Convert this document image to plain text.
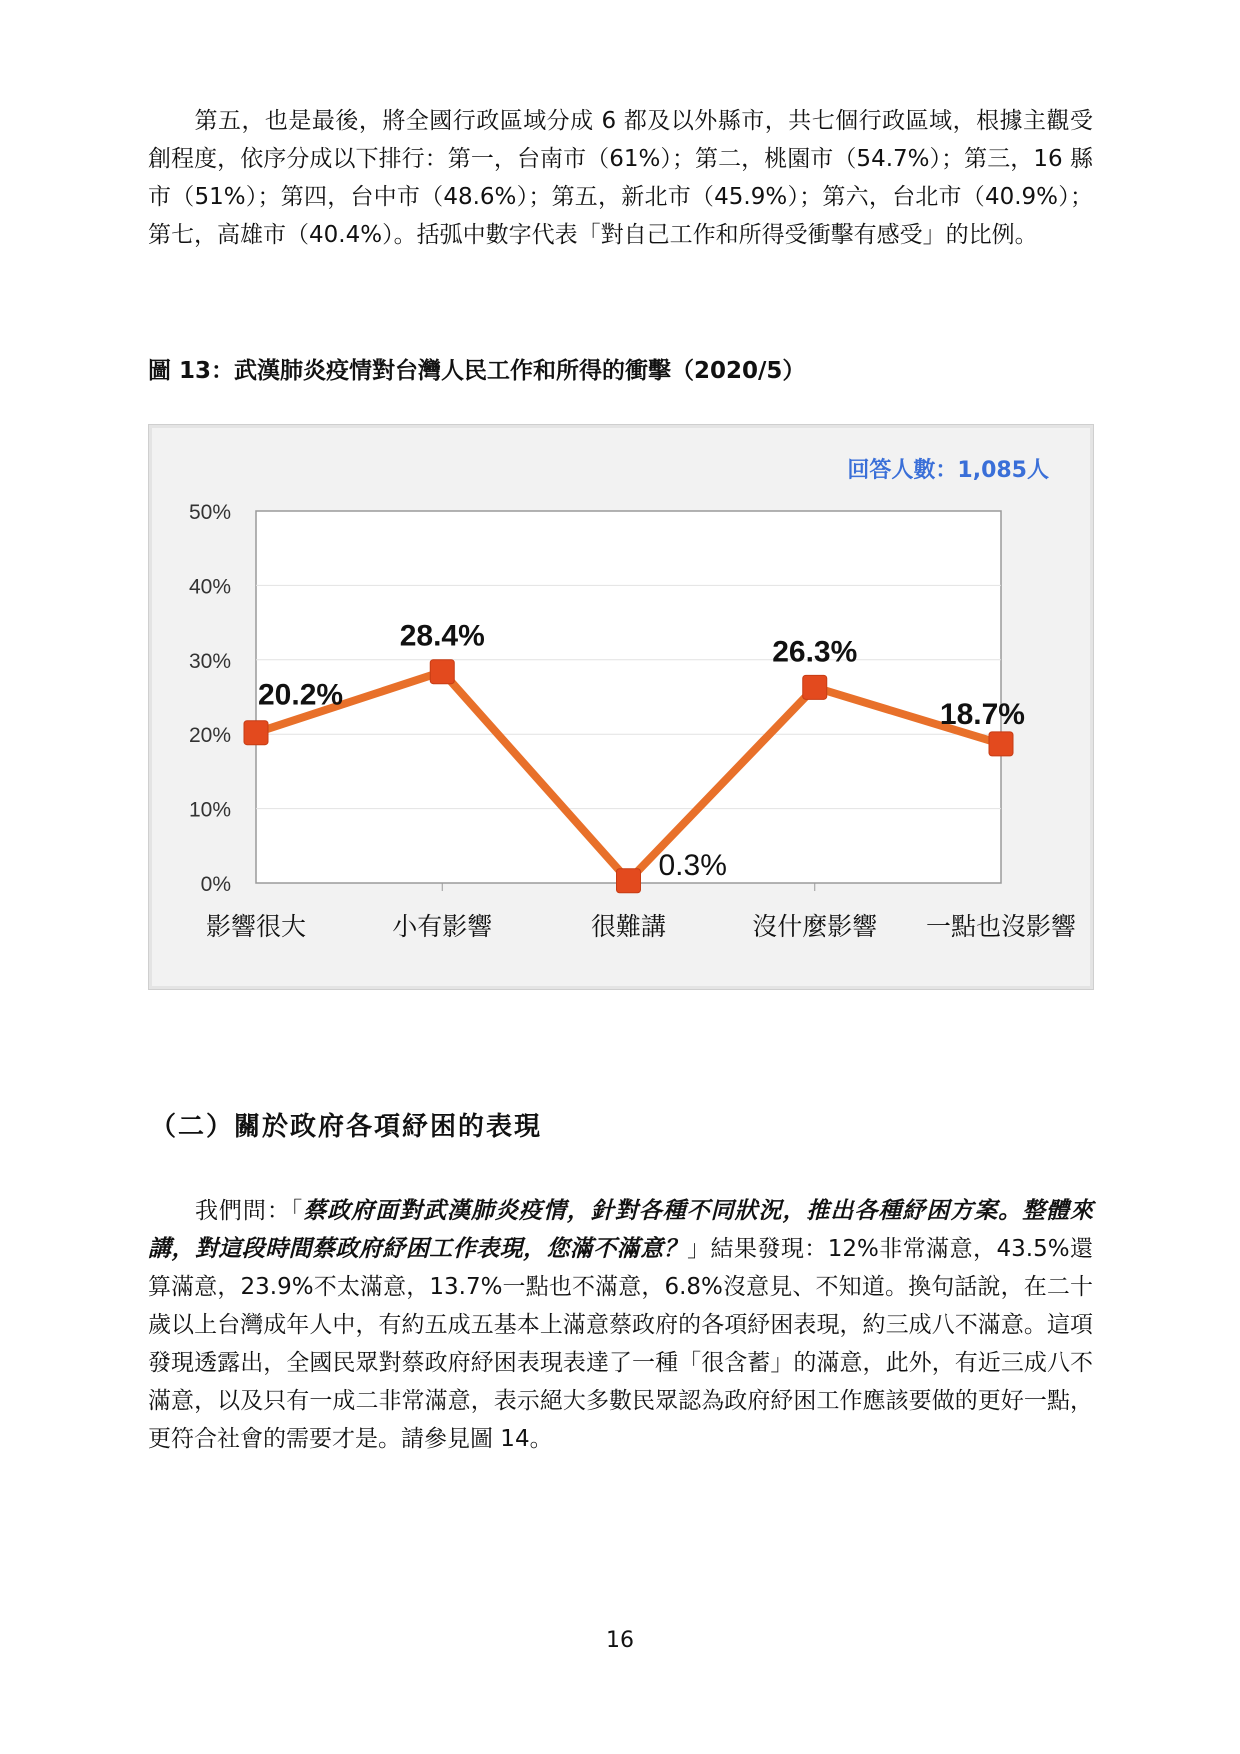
第五，也是最後，將全國行政區域分成 6 都及以外縣市，共七個行政區域，根據主觀受創程度，依序分成以下排行：第一，台南市（61%）；第二，桃園市（54.7%）；第三，16 縣市（51%）；第四，台中市（48.6%）；第五，新北市（45.9%）；第六，台北市（40.9%）；第七，高雄市（40.4%）。括弧中數字代表「對自己工作和所得受衝擊有感受」的比例。

圖 13：武漢肺炎疫情對台灣人民工作和所得的衝擊（2020/5）

0%
10%
20%
30%
40%
50%
影響很大	小有影響	很難講	沒什麼影響 一點也沒影響
20.2%
28.4%
0.3%
26.3%
18.7%
回答人數：1,085人

（二）關於政府各項紓困的表現

我們問：「蔡政府面對武漢肺炎疫情，針對各種不同狀況，推出各種紓困方案。整體來講，對這段時間蔡政府紓困工作表現，您滿不滿意？」結果發現：12%非常滿意，43.5%還算滿意，23.9%不太滿意，13.7%一點也不滿意，6.8%沒意見、不知道。換句話說，在二十歲以上台灣成年人中，有約五成五基本上滿意蔡政府的各項紓困表現，約三成八不滿意。這項發現透露出，全國民眾對蔡政府紓困表現表達了一種「很含蓄」的滿意，此外，有近三成八不滿意，以及只有一成二非常滿意，表示絕大多數民眾認為政府紓困工作應該要做的更好一點，更符合社會的需要才是。請參見圖 14。

16
